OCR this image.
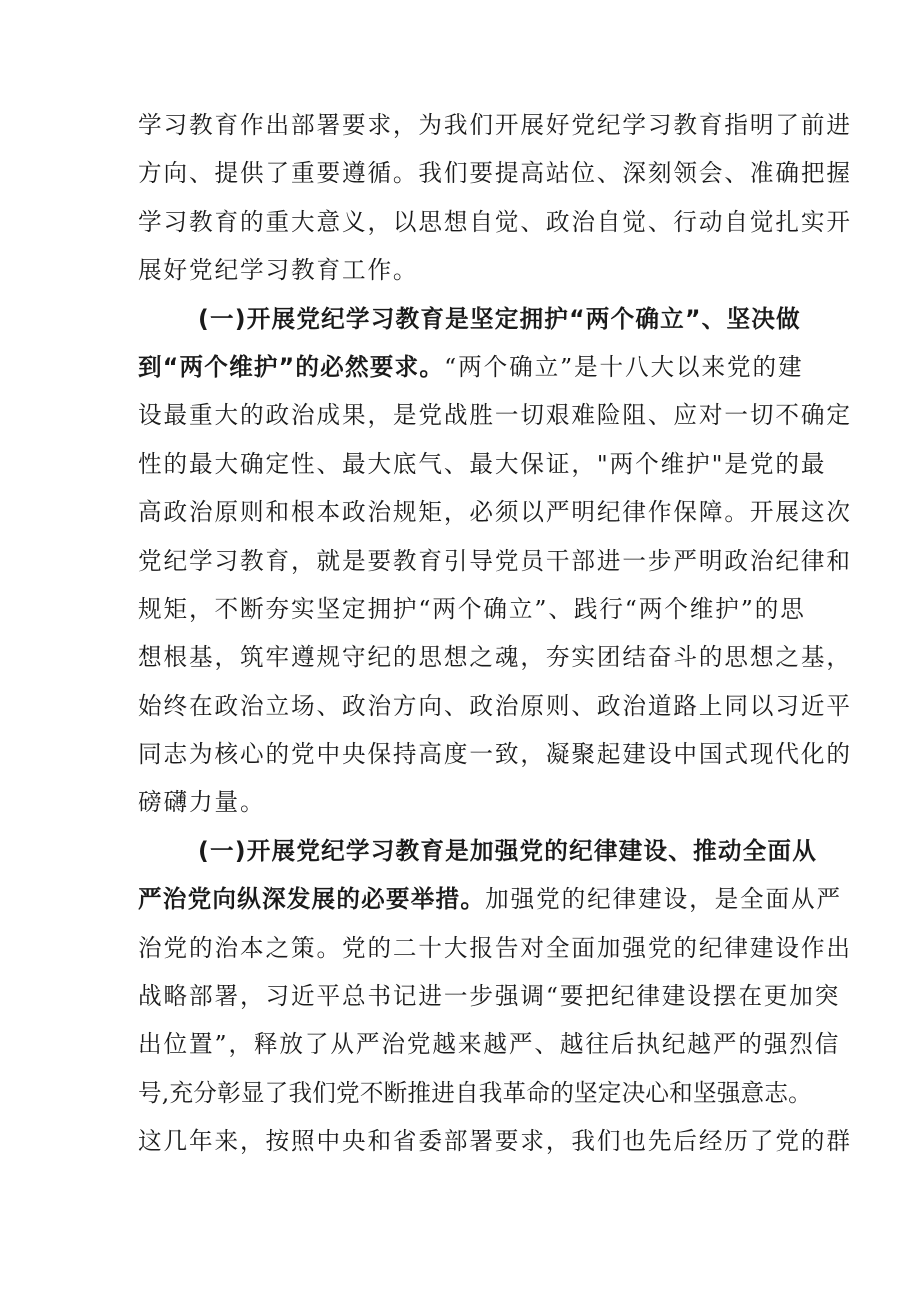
学习教育作出部署要求，为我们开展好党纪学习教育指明了前进
方向、提供了重要遵循。我们要提高站位、深刻领会、准确把握
学习教育的重大意义，以思想自觉、政治自觉、行动自觉扎实开
展好党纪学习教育工作。
(一)开展党纪学习教育是坚定拥护“两个确立”、坚决做
到“两个维护”的必然要求。“两个确立”是十八大以来党的建
设最重大的政治成果，是党战胜一切艰难险阻、应对一切不确定
性的最大确定性、最大底气、最大保证，"两个维护"是党的最
高政治原则和根本政治规矩，必须以严明纪律作保障。开展这次
党纪学习教育，就是要教育引导党员干部进一步严明政治纪律和
规矩，不断夯实坚定拥护“两个确立”、践行“两个维护”的思
想根基，筑牢遵规守纪的思想之魂，夯实团结奋斗的思想之基，
始终在政治立场、政治方向、政治原则、政治道路上同以习近平
同志为核心的党中央保持高度一致，凝聚起建设中国式现代化的
磅礴力量。
(一)开展党纪学习教育是加强党的纪律建设、推动全面从
严治党向纵深发展的必要举措。加强党的纪律建设，是全面从严
治党的治本之策。党的二十大报告对全面加强党的纪律建设作出
战略部署，习近平总书记进一步强调“要把纪律建设摆在更加突
出位置”，释放了从严治党越来越严、越往后执纪越严的强烈信
号,充分彰显了我们党不断推进自我革命的坚定决心和坚强意志。
这几年来，按照中央和省委部署要求，我们也先后经历了党的群
